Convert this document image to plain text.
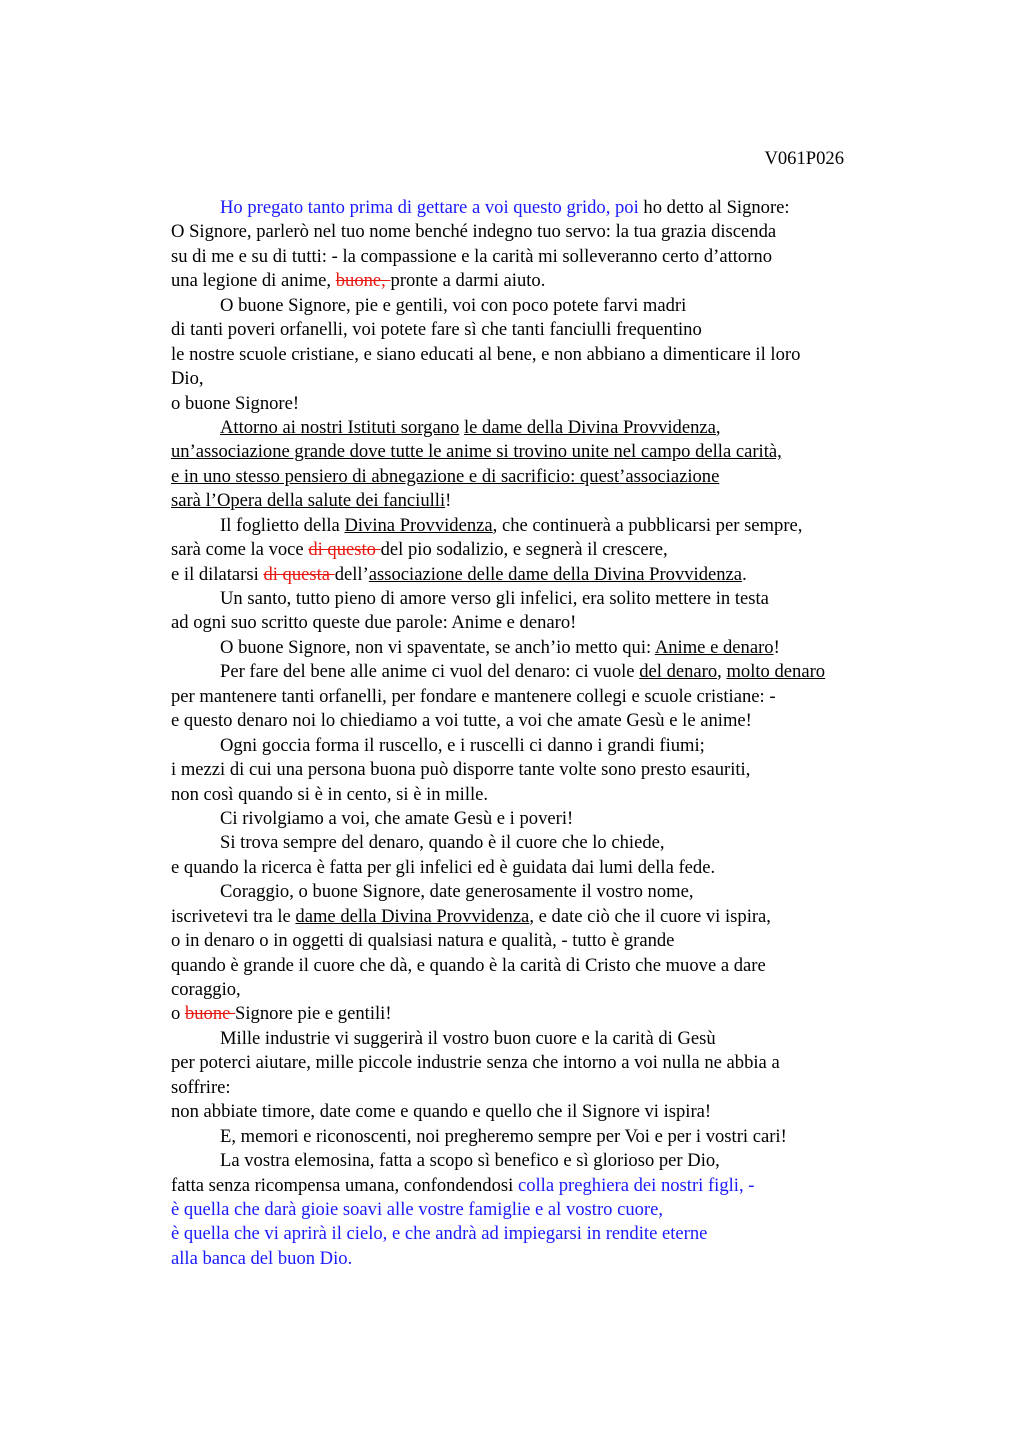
V061P026
Ho pregato tanto prima di gettare a voi questo grido, poi ho detto al Signore:
O Signore, parlerò nel tuo nome benché indegno tuo servo: la tua grazia discenda
su di me e su di tutti: - la compassione e la carità mi solleveranno certo d’attorno
una legione di anime, buone, pronte a darmi aiuto.
O buone Signore, pie e gentili, voi con poco potete farvi madri
di tanti poveri orfanelli, voi potete fare sì che tanti fanciulli frequentino
le nostre scuole cristiane, e siano educati al bene, e non abbiano a dimenticare il loro
Dio,
o buone Signore!
Attorno ai nostri Istituti sorgano le dame della Divina Provvidenza,
un’associazione grande dove tutte le anime si trovino unite nel campo della carità,
e in uno stesso pensiero di abnegazione e di sacrificio: quest’associazione
sarà l’Opera della salute dei fanciulli!
Il foglietto della Divina Provvidenza, che continuerà a pubblicarsi per sempre,
sarà come la voce di questo del pio sodalizio, e segnerà il crescere,
e il dilatarsi di questa dell’associazione delle dame della Divina Provvidenza.
Un santo, tutto pieno di amore verso gli infelici, era solito mettere in testa
ad ogni suo scritto queste due parole: Anime e denaro!
O buone Signore, non vi spaventate, se anch’io metto qui: Anime e denaro!
Per fare del bene alle anime ci vuol del denaro: ci vuole del denaro, molto denaro
per mantenere tanti orfanelli, per fondare e mantenere collegi e scuole cristiane: -
e questo denaro noi lo chiediamo a voi tutte, a voi che amate Gesù e le anime!
Ogni goccia forma il ruscello, e i ruscelli ci danno i grandi fiumi;
i mezzi di cui una persona buona può disporre tante volte sono presto esauriti,
non così quando si è in cento, si è in mille.
Ci rivolgiamo a voi, che amate Gesù e i poveri!
Si trova sempre del denaro, quando è il cuore che lo chiede,
e quando la ricerca è fatta per gli infelici ed è guidata dai lumi della fede.
Coraggio, o buone Signore, date generosamente il vostro nome,
iscrivetevi tra le dame della Divina Provvidenza, e date ciò che il cuore vi ispira,
o in denaro o in oggetti di qualsiasi natura e qualità, - tutto è grande
quando è grande il cuore che dà, e quando è la carità di Cristo che muove a dare
coraggio,
o buone Signore pie e gentili!
Mille industrie vi suggerirà il vostro buon cuore e la carità di Gesù
per poterci aiutare, mille piccole industrie senza che intorno a voi nulla ne abbia a
soffrire:
non abbiate timore, date come e quando e quello che il Signore vi ispira!
E, memori e riconoscenti, noi pregheremo sempre per Voi e per i vostri cari!
La vostra elemosina, fatta a scopo sì benefico e sì glorioso per Dio,
fatta senza ricompensa umana, confondendosi colla preghiera dei nostri figli, -
è quella che darà gioie soavi alle vostre famiglie e al vostro cuore,
è quella che vi aprirà il cielo, e che andrà ad impiegarsi in rendite eterne
alla banca del buon Dio.
